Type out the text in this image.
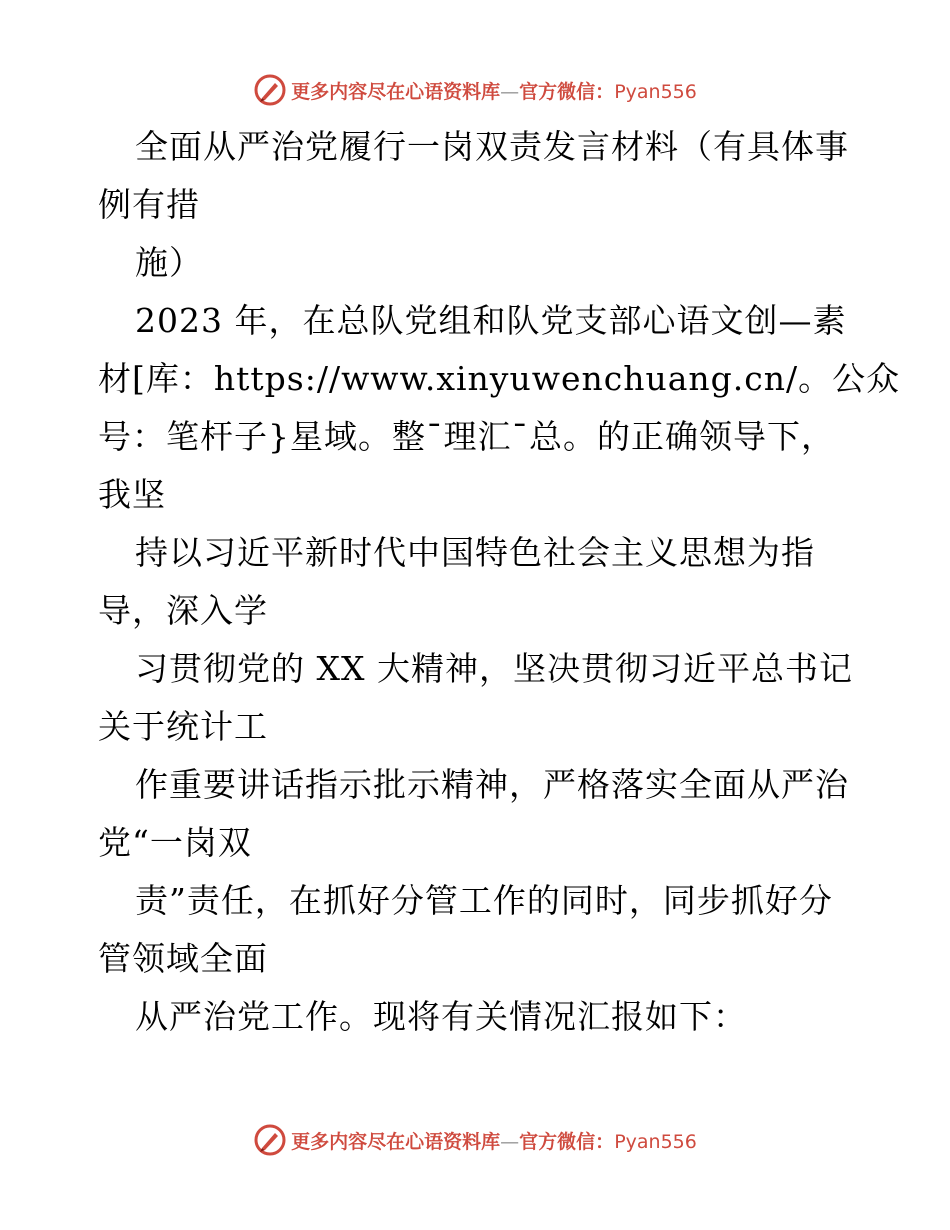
更多内容尽在心语资料库—官方微信：Pyan556
全面从严治党履行一岗双责发言材料（有具体事
例有措
施）
2023 年，在总队党组和队党支部心语文创—素
材[库：https://www.xinyuwenchuang.cn/。公众
号：笔杆子}星域。整¯理汇¯总。的正确领导下，
我坚
持以习近平新时代中国特色社会主义思想为指
导，深入学
习贯彻党的 XX 大精神，坚决贯彻习近平总书记
关于统计工
作重要讲话指示批示精神，严格落实全面从严治
党“一岗双
责”责任，在抓好分管工作的同时，同步抓好分
管领域全面
从严治党工作。现将有关情况汇报如下：
更多内容尽在心语资料库—官方微信：Pyan556
